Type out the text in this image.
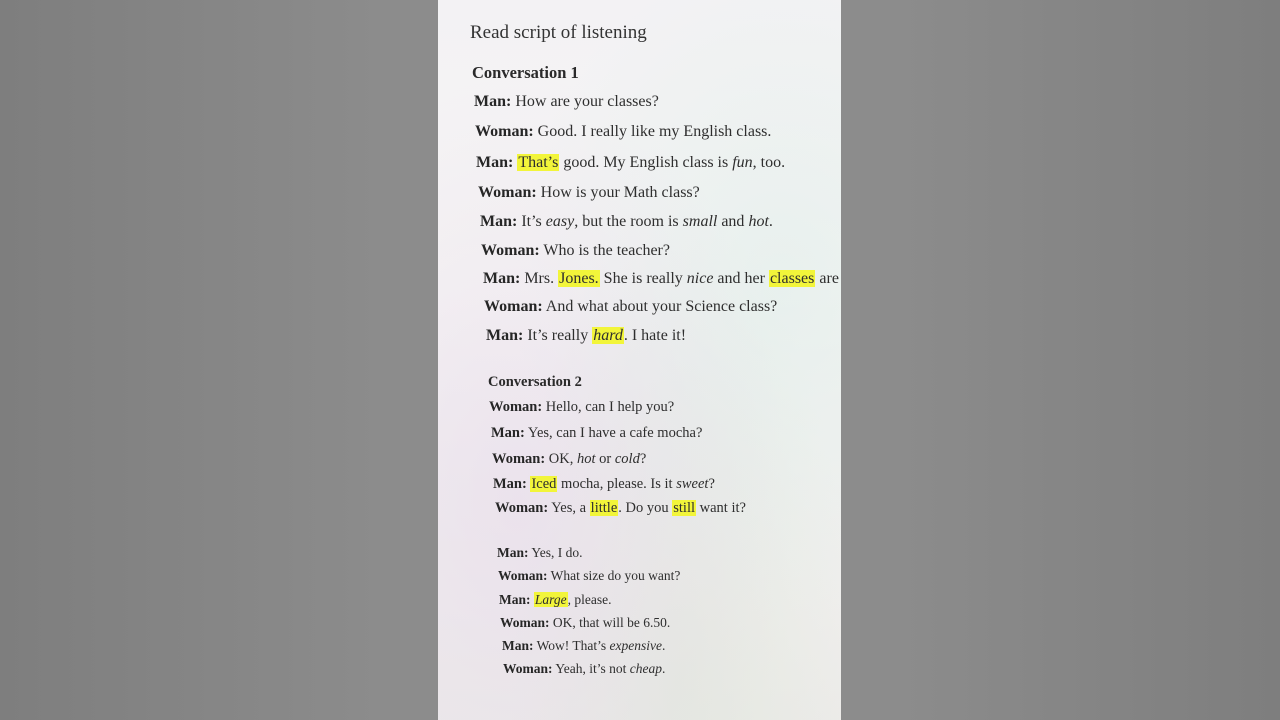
Read script of listening
Conversation 1
Man: How are your classes?
Woman: Good. I really like my English class.
Man: That’s good. My English class is fun, too.
Woman: How is your Math class?
Man: It’s easy, but the room is small and hot.
Woman: Who is the teacher?
Man: Mrs. Jones. She is really nice and her classes are
Woman: And what about your Science class?
Man: It’s really hard. I hate it!
Conversation 2
Woman: Hello, can I help you?
Man: Yes, can I have a cafe mocha?
Woman: OK, hot or cold?
Man: Iced mocha, please. Is it sweet?
Woman: Yes, a little. Do you still want it?
Man: Yes, I do.
Woman: What size do you want?
Man: Large, please.
Woman: OK, that will be 6.50.
Man: Wow! That’s expensive.
Woman: Yeah, it’s not cheap.
